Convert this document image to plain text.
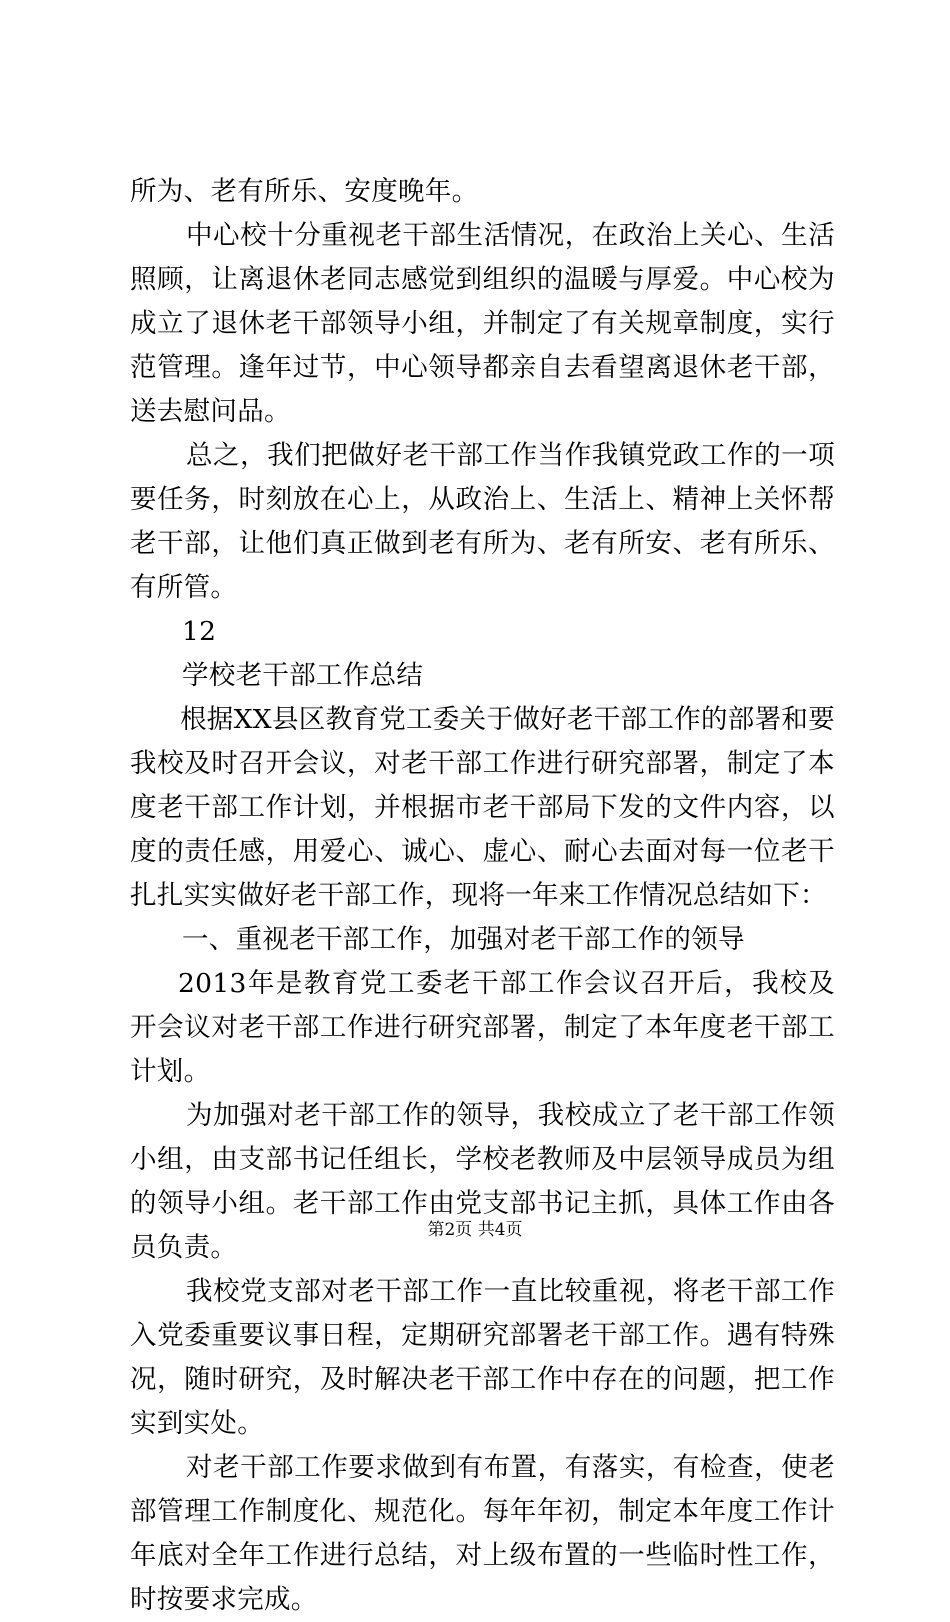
所为、老有所乐、安度晚年。

中心校十分重视老干部生活情况，在政治上关心、生活

照顾，让离退休老同志感觉到组织的温暖与厚爱。中心校为

成立了退休老干部领导小组，并制定了有关规章制度，实行

范管理。逢年过节，中心领导都亲自去看望离退休老干部，

送去慰问品。

总之，我们把做好老干部工作当作我镇党政工作的一项

要任务，时刻放在心上，从政治上、生活上、精神上关怀帮

老干部，让他们真正做到老有所为、老有所安、老有所乐、

有所管。

12

学校老干部工作总结

根据XX县区教育党工委关于做好老干部工作的部署和要

我校及时召开会议，对老干部工作进行研究部署，制定了本

度老干部工作计划，并根据市老干部局下发的文件内容，以

度的责任感，用爱心、诚心、虚心、耐心去面对每一位老干

扎扎实实做好老干部工作，现将一年来工作情况总结如下：

一、重视老干部工作，加强对老干部工作的领导

2013年是教育党工委老干部工作会议召开后，我校及

开会议对老干部工作进行研究部署，制定了本年度老干部工

计划。

为加强对老干部工作的领导，我校成立了老干部工作领

小组，由支部书记任组长，学校老教师及中层领导成员为组

的领导小组。老干部工作由党支部书记主抓，具体工作由各

员负责。

我校党支部对老干部工作一直比较重视，将老干部工作

入党委重要议事日程，定期研究部署老干部工作。遇有特殊

况，随时研究，及时解决老干部工作中存在的问题，把工作

实到实处。

对老干部工作要求做到有布置，有落实，有检查，使老

部管理工作制度化、规范化。每年年初，制定本年度工作计

年底对全年工作进行总结，对上级布置的一些临时性工作，

时按要求完成。

第2页 共4页
